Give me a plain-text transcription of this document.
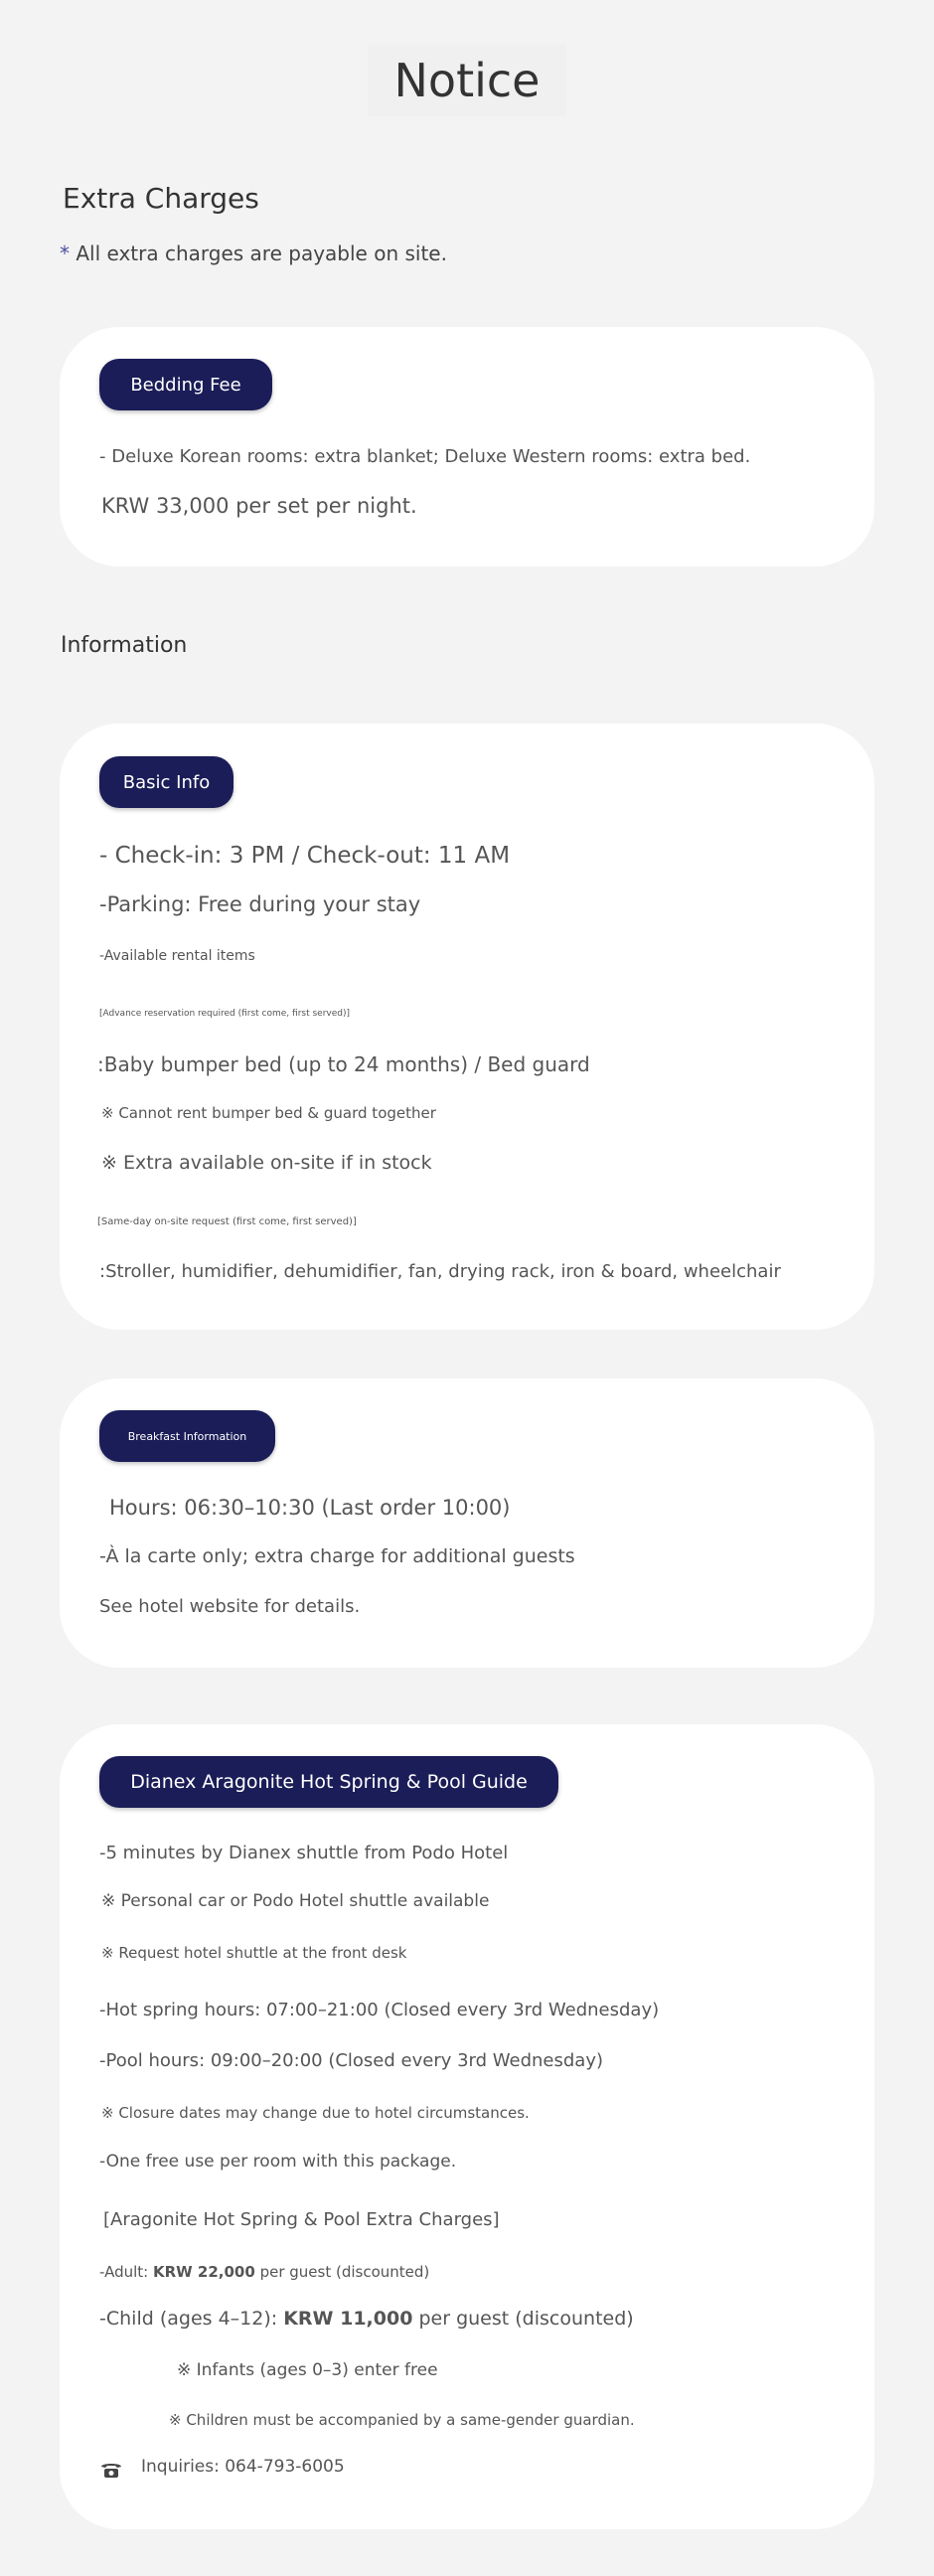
Notice
Extra Charges

* All extra charges are payable on site.

Bedding Fee

- Deluxe Korean rooms: extra blanket; Deluxe Western rooms: extra bed.

KRW 33,000 per set per night.

Information
Basic Info

- Check-in: 3 PM / Check-out: 11 AM

-Parking: Free during your stay

-Available rental items

[Advance reservation required (first come, first served)]

:Baby bumper bed (up to 24 months) / Bed guard

※ Cannot rent bumper bed & guard together

※ Extra available on-site if in stock

[Same-day on-site request (first come, first served)]

:Stroller, humidifier, dehumidifier, fan, drying rack, iron & board, wheelchair

Breakfast Information

Hours: 06:30–10:30 (Last order 10:00)

-À la carte only; extra charge for additional guests

See hotel website for details.

Dianex Aragonite Hot Spring & Pool Guide

-5 minutes by Dianex shuttle from Podo Hotel

※ Personal car or Podo Hotel shuttle available

※ Request hotel shuttle at the front desk

-Hot spring hours: 07:00–21:00 (Closed every 3rd Wednesday)

-Pool hours: 09:00–20:00 (Closed every 3rd Wednesday)

※ Closure dates may change due to hotel circumstances.

-One free use per room with this package.

[Aragonite Hot Spring & Pool Extra Charges]

-Adult: KRW 22,000 per guest (discounted)

-Child (ages 4–12): KRW 11,000 per guest (discounted)

※ Infants (ages 0–3) enter free

※ Children must be accompanied by a same-gender guardian.

Inquiries: 064-793-6005
